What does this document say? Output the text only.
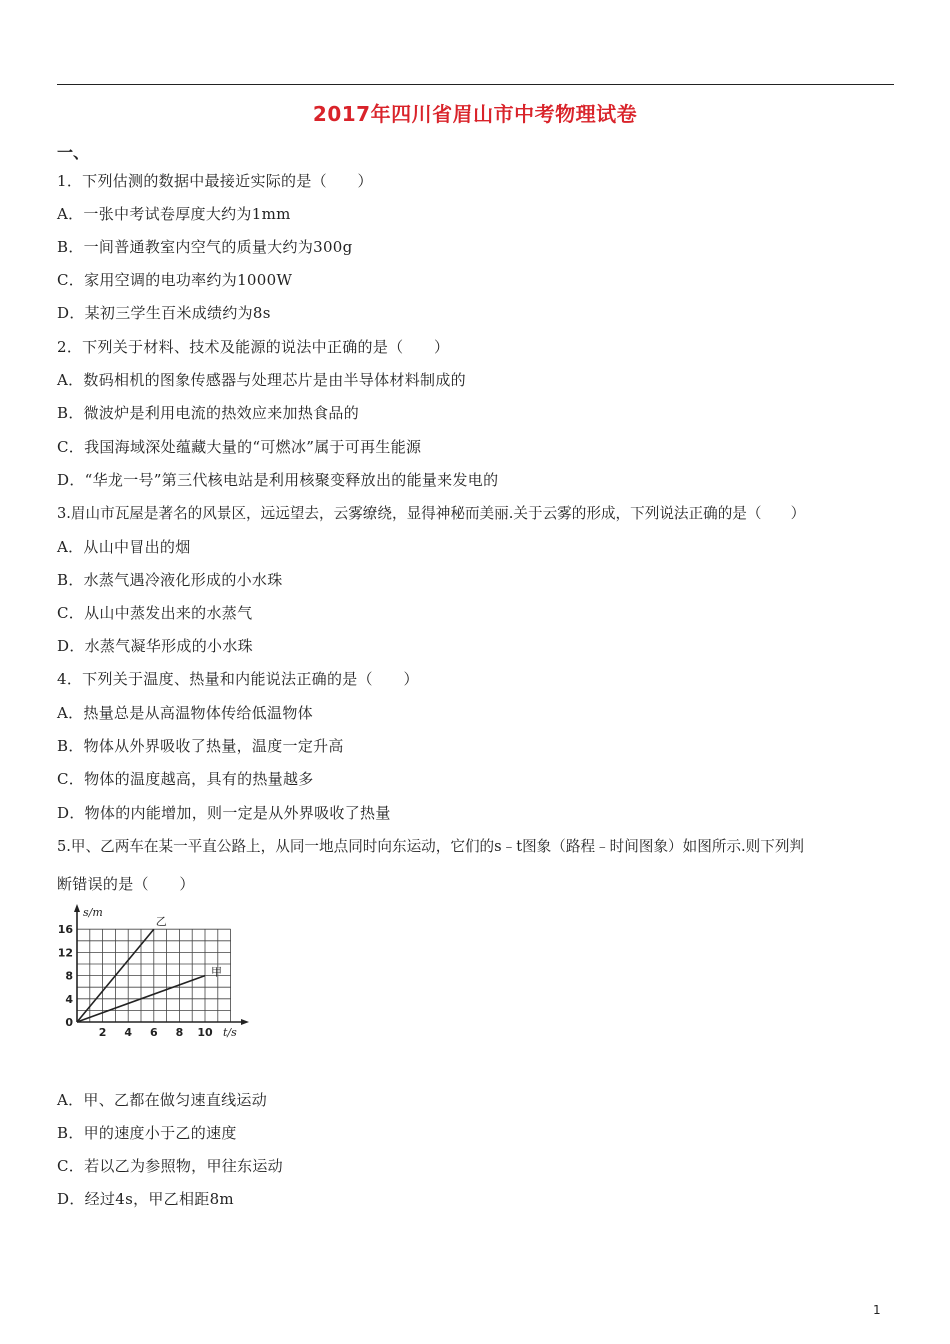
2017年四川省眉山市中考物理试卷
一、
1．下列估测的数据中最接近实际的是（　　）
A．一张中考试卷厚度大约为1mm
B．一间普通教室内空气的质量大约为300g
C．家用空调的电功率约为1000W
D．某初三学生百米成绩约为8s
2．下列关于材料、技术及能源的说法中正确的是（　　）
A．数码相机的图象传感器与处理芯片是由半导体材料制成的
B．微波炉是利用电流的热效应来加热食品的
C．我国海域深处蕴藏大量的“可燃冰”属于可再生能源
D．“华龙一号”第三代核电站是利用核聚变释放出的能量来发电的
3.眉山市瓦屋是著名的风景区，远远望去，云雾缭绕，显得神秘而美丽.关于云雾的形成，下列说法正确的是（　　）
A．从山中冒出的烟
B．水蒸气遇冷液化形成的小水珠
C．从山中蒸发出来的水蒸气
D．水蒸气凝华形成的小水珠
4．下列关于温度、热量和内能说法正确的是（　　）
A．热量总是从高温物体传给低温物体
B．物体从外界吸收了热量，温度一定升高
C．物体的温度越高，具有的热量越多
D．物体的内能增加，则一定是从外界吸收了热量
5.甲、乙两车在某一平直公路上，从同一地点同时向东运动，它们的s﹣t图象（路程﹣时间图象）如图所示.则下列判
断错误的是（　　）
2 4 6 8 10
0
4
8
12
16
乙
甲
s/m
t/s
A．甲、乙都在做匀速直线运动
B．甲的速度小于乙的速度
C．若以乙为参照物，甲往东运动
D．经过4s，甲乙相距8m
1
